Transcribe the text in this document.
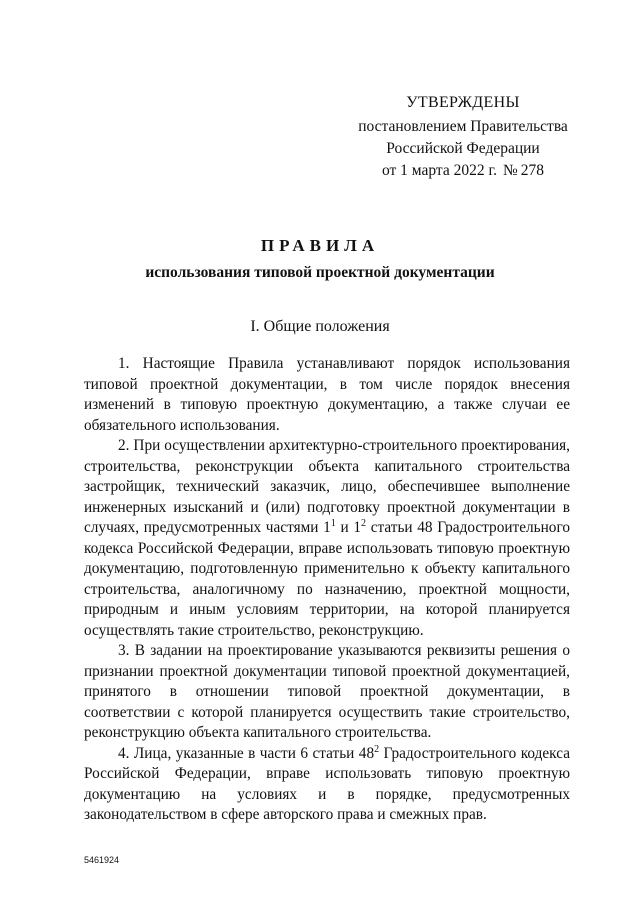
УТВЕРЖДЕНЫ
постановлением Правительства
Российской Федерации
от 1 марта 2022 г. № 278
ПРАВИЛА
использования типовой проектной документации
I. Общие положения

1. Настоящие Правила устанавливают порядок использования типовой проектной документации, в том числе порядок внесения изменений в типовую проектную документацию, а также случаи ее обязательного использования.

2. При осуществлении архитектурно-строительного проектирования, строительства, реконструкции объекта капитального строительства застройщик, технический заказчик, лицо, обеспечившее выполнение инженерных изысканий и (или) подготовку проектной документации в случаях, предусмотренных частями $1^1$ и $1^2$ статьи 48 Градостроительного кодекса Российской Федерации, вправе использовать типовую проектную документацию, подготовленную применительно к объекту капитального строительства, аналогичному по назначению, проектной мощности, природным и иным условиям территории, на которой планируется осуществлять такие строительство, реконструкцию.

3. В задании на проектирование указываются реквизиты решения о признании проектной документации типовой проектной документацией, принятого в отношении типовой проектной документации, в соответствии с которой планируется осуществить такие строительство, реконструкцию объекта капитального строительства.

4. Лица, указанные в части 6 статьи $48^2$ Градостроительного кодекса Российской Федерации, вправе использовать типовую проектную документацию на условиях и в порядке, предусмотренных законодательством в сфере авторского права и смежных прав.

5461924
